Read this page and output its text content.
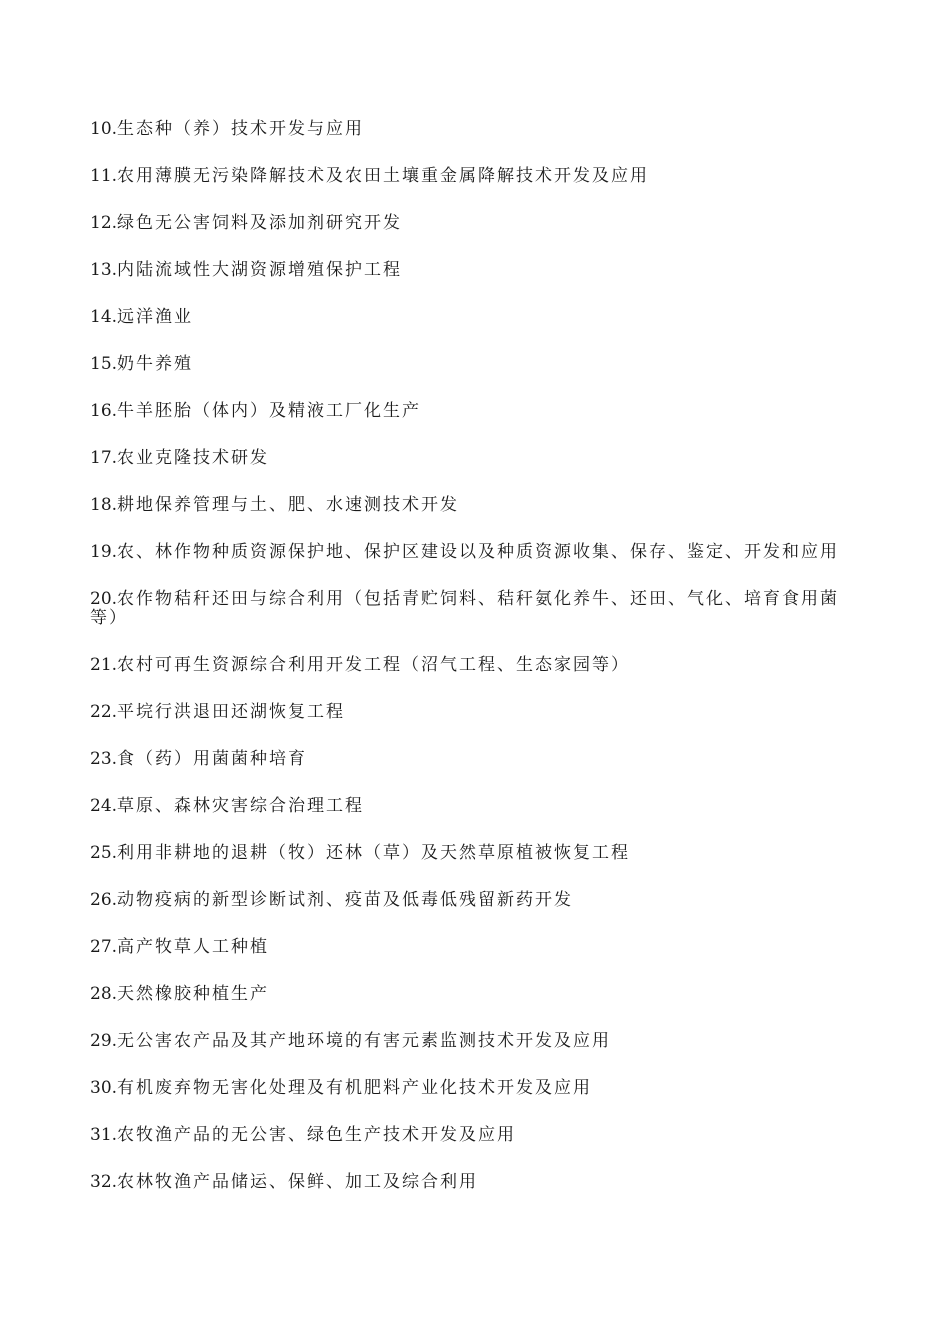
10.生态种（养）技术开发与应用
11.农用薄膜无污染降解技术及农田土壤重金属降解技术开发及应用
12.绿色无公害饲料及添加剂研究开发
13.内陆流域性大湖资源增殖保护工程
14.远洋渔业
15.奶牛养殖
16.牛羊胚胎（体内）及精液工厂化生产
17.农业克隆技术研发
18.耕地保养管理与土、肥、水速测技术开发
19.农、林作物种质资源保护地、保护区建设以及种质资源收集、保存、鉴定、开发和应用
20.农作物秸秆还田与综合利用（包括青贮饲料、秸秆氨化养牛、还田、气化、培育食用菌等）
21.农村可再生资源综合利用开发工程（沼气工程、生态家园等）
22.平垸行洪退田还湖恢复工程
23.食（药）用菌菌种培育
24.草原、森林灾害综合治理工程
25.利用非耕地的退耕（牧）还林（草）及天然草原植被恢复工程
26.动物疫病的新型诊断试剂、疫苗及低毒低残留新药开发
27.高产牧草人工种植
28.天然橡胶种植生产
29.无公害农产品及其产地环境的有害元素监测技术开发及应用
30.有机废弃物无害化处理及有机肥料产业化技术开发及应用
31.农牧渔产品的无公害、绿色生产技术开发及应用
32.农林牧渔产品储运、保鲜、加工及综合利用
